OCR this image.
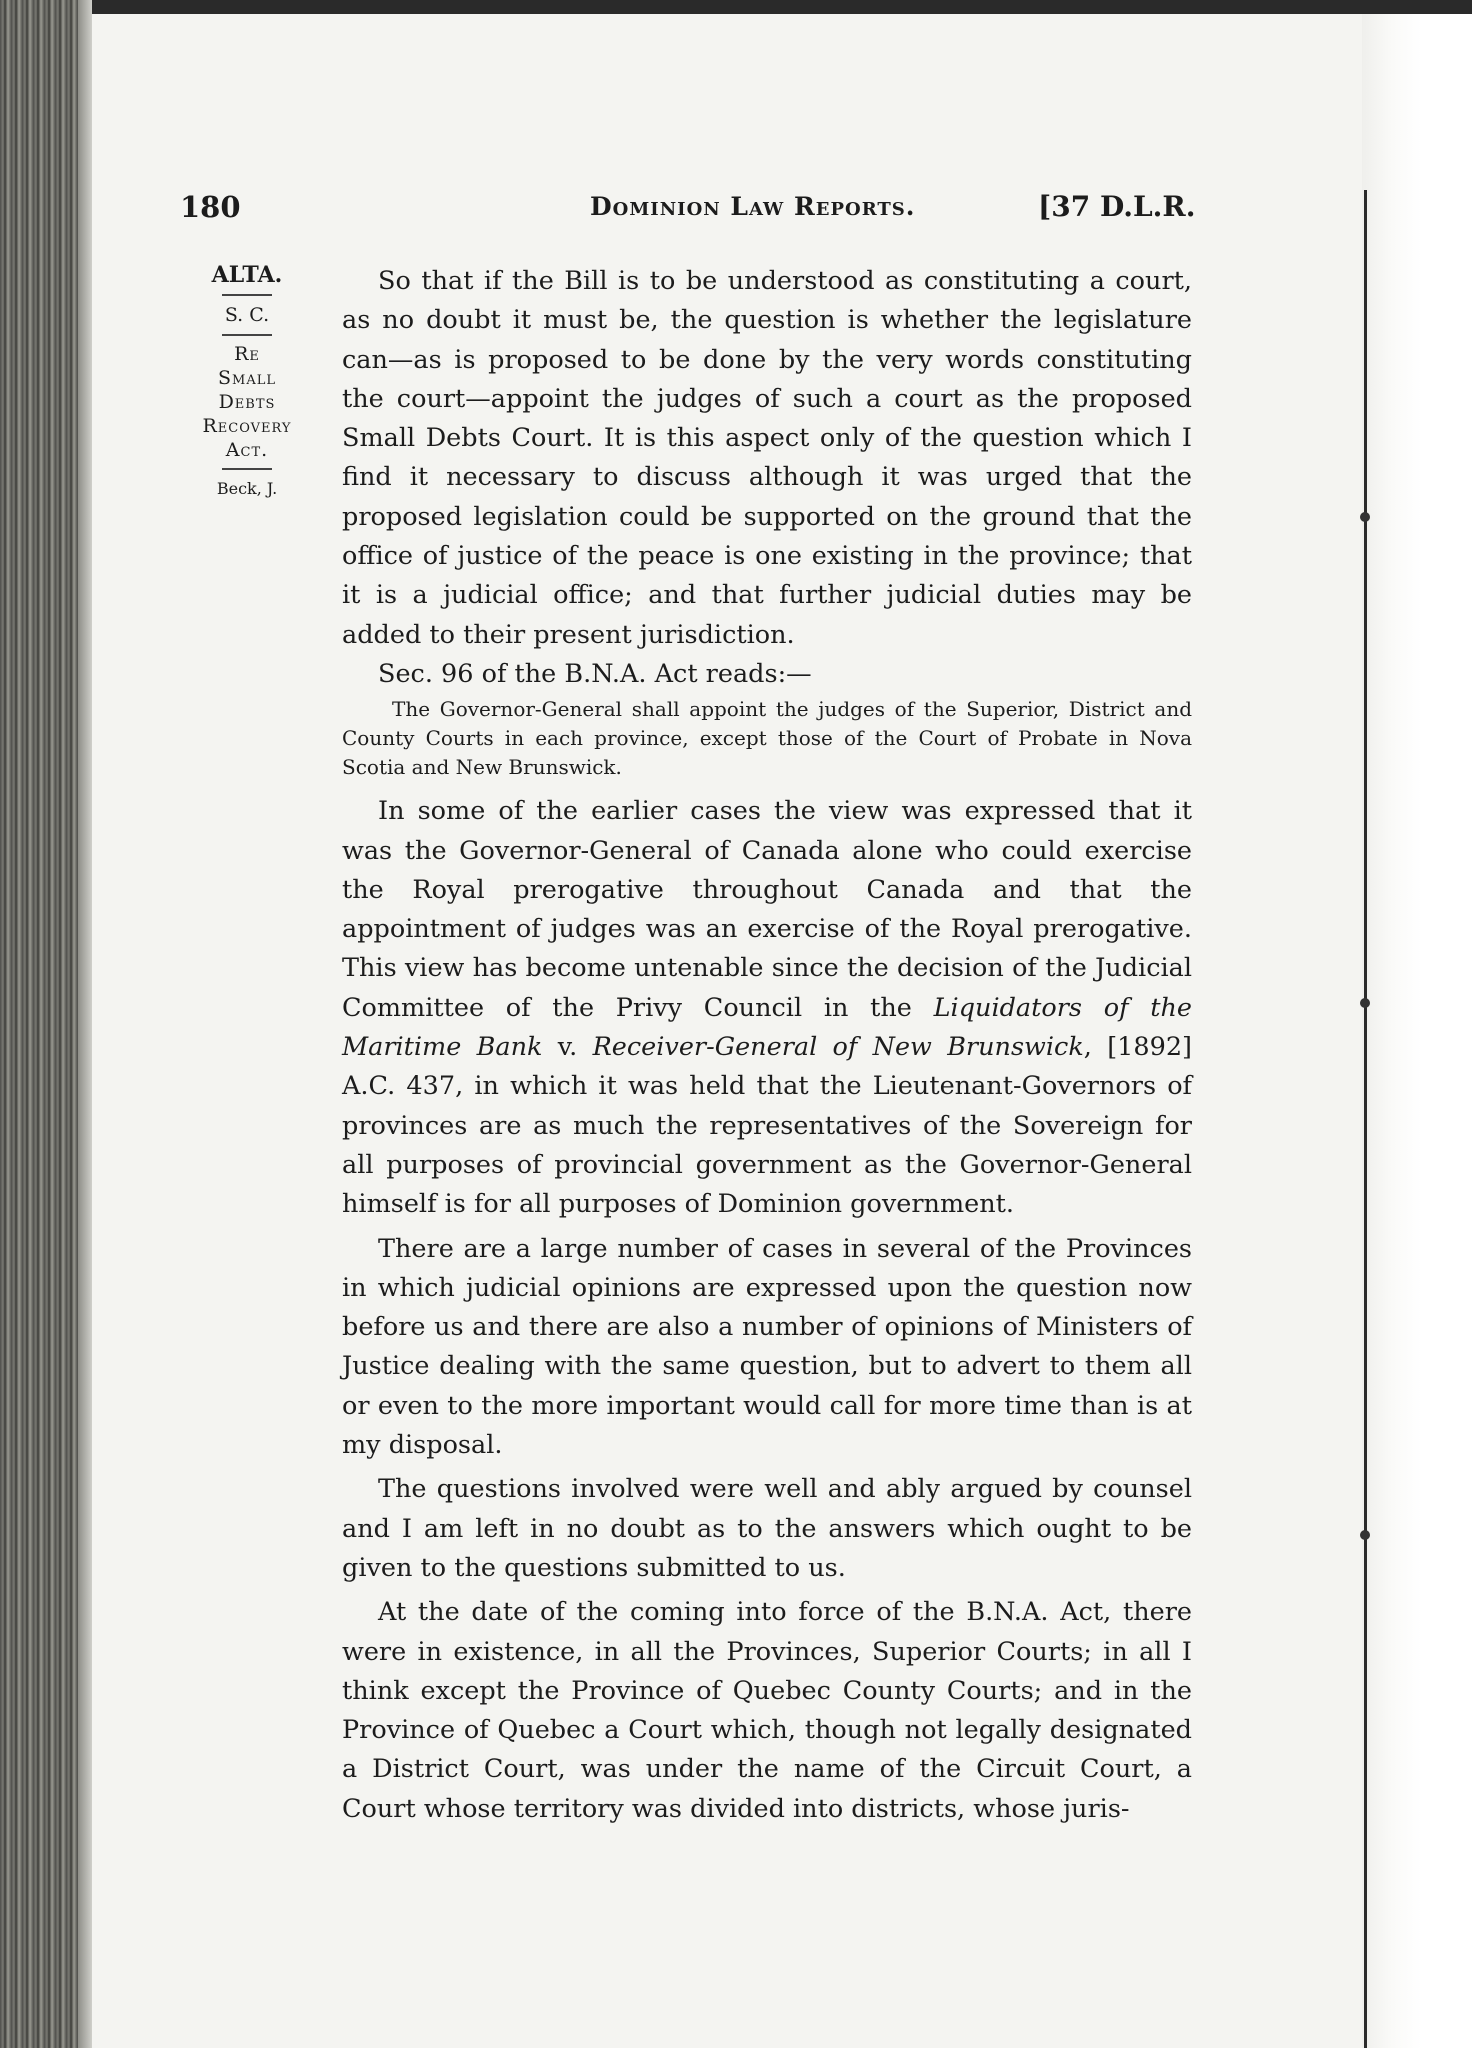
180	Dominion Law Reports.	[37 D.L.R.
ALTA.
S. C.
Re
Small
Debts
Recovery
Act.
Beck, J.

So that if the Bill is to be understood as constituting a court, as no doubt it must be, the question is whether the legislature can—as is proposed to be done by the very words constituting the court—appoint the judges of such a court as the proposed Small Debts Court. It is this aspect only of the question which I find it necessary to discuss although it was urged that the proposed legislation could be supported on the ground that the office of justice of the peace is one existing in the province; that it is a judicial office; and that further judicial duties may be added to their present jurisdiction.

Sec. 96 of the B.N.A. Act reads:—

The Governor-General shall appoint the judges of the Superior, District and County Courts in each province, except those of the Court of Probate in Nova Scotia and New Brunswick.

In some of the earlier cases the view was expressed that it was the Governor-General of Canada alone who could exercise the Royal prerogative throughout Canada and that the appointment of judges was an exercise of the Royal prerogative. This view has become untenable since the decision of the Judicial Committee of the Privy Council in the Liquidators of the Maritime Bank v. Receiver-General of New Brunswick, [1892] A.C. 437, in which it was held that the Lieutenant-Governors of provinces are as much the representatives of the Sovereign for all purposes of provincial government as the Governor-General himself is for all purposes of Dominion government.

There are a large number of cases in several of the Provinces in which judicial opinions are expressed upon the question now before us and there are also a number of opinions of Ministers of Justice dealing with the same question, but to advert to them all or even to the more important would call for more time than is at my disposal.

The questions involved were well and ably argued by counsel and I am left in no doubt as to the answers which ought to be given to the questions submitted to us.

At the date of the coming into force of the B.N.A. Act, there were in existence, in all the Provinces, Superior Courts; in all I think except the Province of Quebec County Courts; and in the Province of Quebec a Court which, though not legally designated a District Court, was under the name of the Circuit Court, a Court whose territory was divided into districts, whose juris-
